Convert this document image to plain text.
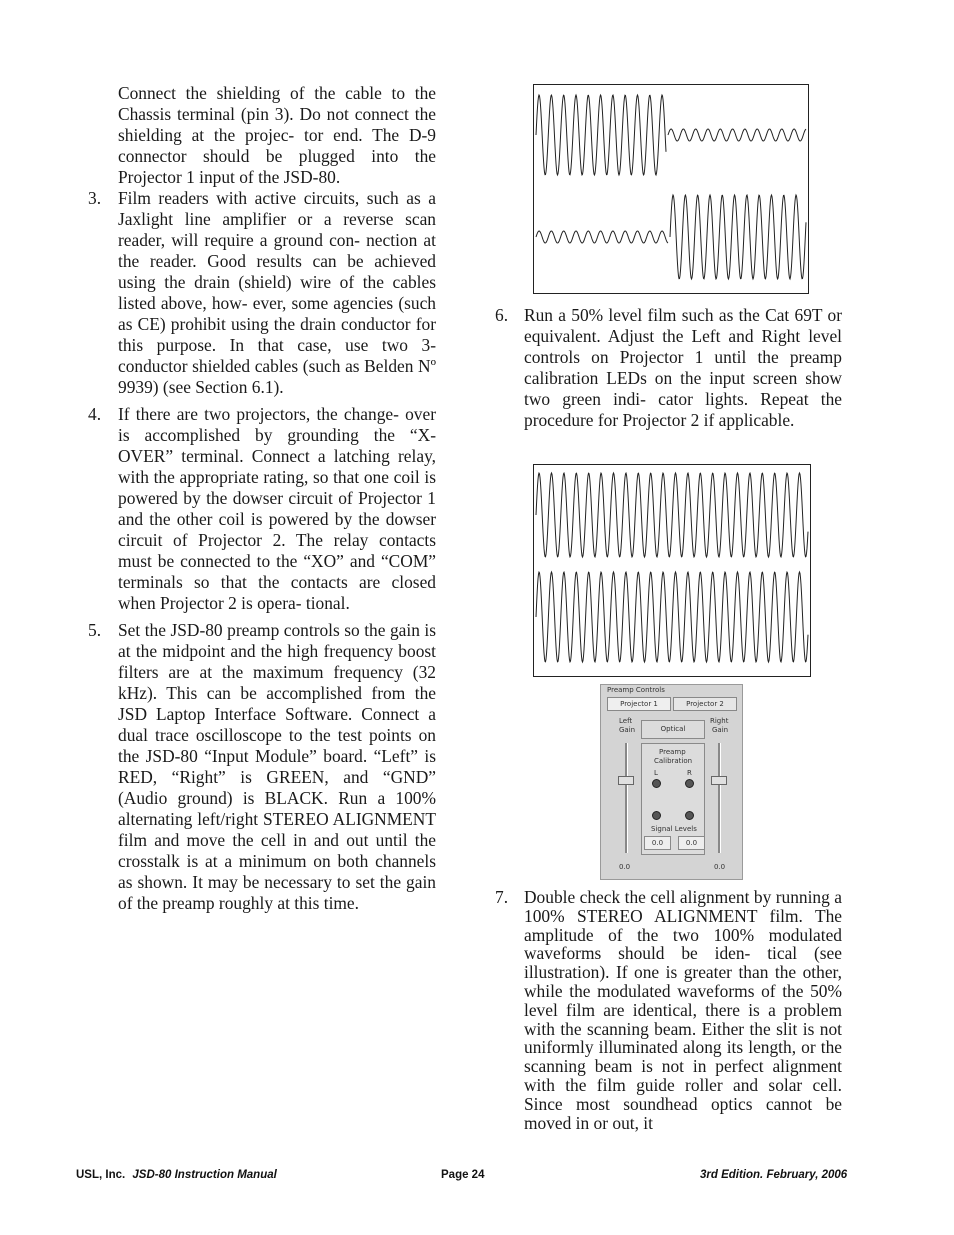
Connect the shielding of the cable to the Chassis terminal (pin 3). Do not connect the shielding at the projec- tor end. The D-9 connector should be plugged into the Projector 1 input of the JSD-80.

3. Film readers with active circuits, such as a Jaxlight line amplifier or a reverse scan reader, will require a ground con- nection at the reader. Good results can be achieved using the drain (shield) wire of the cables listed above, how- ever, some agencies (such as CE) prohibit using the drain conductor for this purpose. In that case, use two 3-conductor shielded cables (such as Belden Nº 9939) (see Section 6.1).
4. If there are two projectors, the change- over is accomplished by grounding the “X-OVER” terminal. Connect a latching relay, with the appropriate rating, so that one coil is powered by the dowser circuit of Projector 1 and the other coil is powered by the dowser circuit of Projector 2. The relay contacts must be connected to the “XO” and “COM” terminals so that the contacts are closed when Projector 2 is opera- tional.
5. Set the JSD-80 preamp controls so the gain is at the midpoint and the high frequency boost filters are at the maximum frequency (32 kHz). This can be accomplished from the JSD Laptop Interface Software. Connect a dual trace oscilloscope to the test points on the JSD-80 “Input Module” board. “Left” is RED, “Right” is GREEN, and “GND” (Audio ground) is BLACK. Run a 100% alternating left/right STEREO ALIGNMENT film and move the cell in and out until the crosstalk is at a minimum on both channels as shown. It may be necessary to set the gain of the preamp roughly at this time.
6. Run a 50% level film such as the Cat 69T or equivalent. Adjust the Left and Right level controls on Projector 1 until the preamp calibration LEDs on the input screen show two green indi- cator lights. Repeat the procedure for Projector 2 if applicable.
Preamp Controls
Projector 1	Projector 2
Left
Gain
Right
Gain
Optical
Preamp
Calibration
L	R
Signal Levels
0.0	0.0
0.0	0.0
7. Double check the cell alignment by running a 100% STEREO ALIGNMENT film. The amplitude of the two 100% modulated waveforms should be iden- tical (see illustration). If one is greater than the other, while the modulated waveforms of the 50% level film are identical, there is a problem with the scanning beam. Either the slit is not uniformly illuminated along its length, or the scanning beam is not in perfect alignment with the film guide roller and solar cell. Since most soundhead optics cannot be moved in or out, it
USL, Inc. JSD-80 Instruction Manual	Page 24	3rd Edition. February, 2006
